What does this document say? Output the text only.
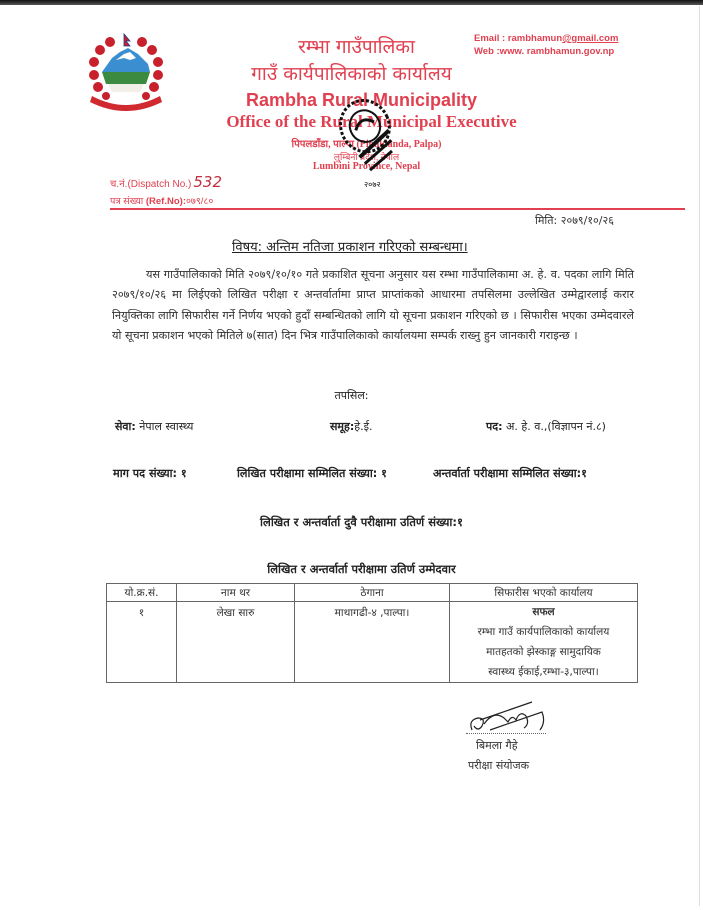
रम्भा गाउँपालिका
गाउँ कार्यपालिकाको कार्यालय
Rambha Rural Municipality
Office of the Rural Municipal Executive
पिपलडाँडा, पाल्पा (Pipaldanda, Palpa)
लुम्बिनी प्रदेश, नेपाल
Lumbini Province, Nepal
Email : rambhamun@gmail.com
Web :www. rambhamun.gov.np
२०७२
च.नं.(Dispatch No.) 532
पत्र संख्या (Ref.No):०७९/८०
मिति: २०७९/१०/२६
विषय: अन्तिम नतिजा प्रकाशन गरिएको सम्बन्धमा।
यस गाउँपालिकाको मिति २०७९/१०/१० गते प्रकाशित सूचना अनुसार यस रम्भा गाउँपालिकामा अ. हे. व. पदका लागि मिति २०७९/१०/२६ मा लिईएको लिखित परीक्षा र अन्तर्वार्तामा प्राप्त प्राप्तांकको आधारमा तपसिलमा उल्लेखित उम्मेद्वारलाई करार नियुक्तिका लागि सिफारीस गर्ने निर्णय भएको हुदाँ सम्बन्धितको लागि यो सूचना प्रकाशन गरिएको छ । सिफारीस भएका उम्मेदवारले यो सूचना प्रकाशन भएको मितिले ७(सात) दिन भित्र गाउँपालिकाको कार्यालयमा सम्पर्क राख्नु हुन जानकारी गराइन्छ ।
तपसिल:
सेवा: नेपाल स्वास्थ्य	समूह:हे.ई.	पद: अ. हे. व.,(विज्ञापन नं.८)
माग पद संख्या: १	लिखित परीक्षामा सम्मिलित संख्या: १	अन्तर्वार्ता परीक्षामा सम्मिलित संख्या:१
लिखित र अन्तर्वार्ता दुवै परीक्षामा उतिर्ण संख्या:१
लिखित र अन्तर्वार्ता परीक्षामा उतिर्ण उम्मेदवार
यो.क्र.सं.	नाम थर	ठेगाना	सिफारीस भएको कार्यालय
१	लेखा सारु	माथागढी-४ ,पाल्पा।	सफल
रम्भा गाउँ कार्यपालिकाको कार्यालय
मातहतको झेस्काङ्ग सामुदायिक
स्वास्थ्य ईकाई,रम्भा-३,पाल्पा।
बिमला गैहे
परीक्षा संयोजक
